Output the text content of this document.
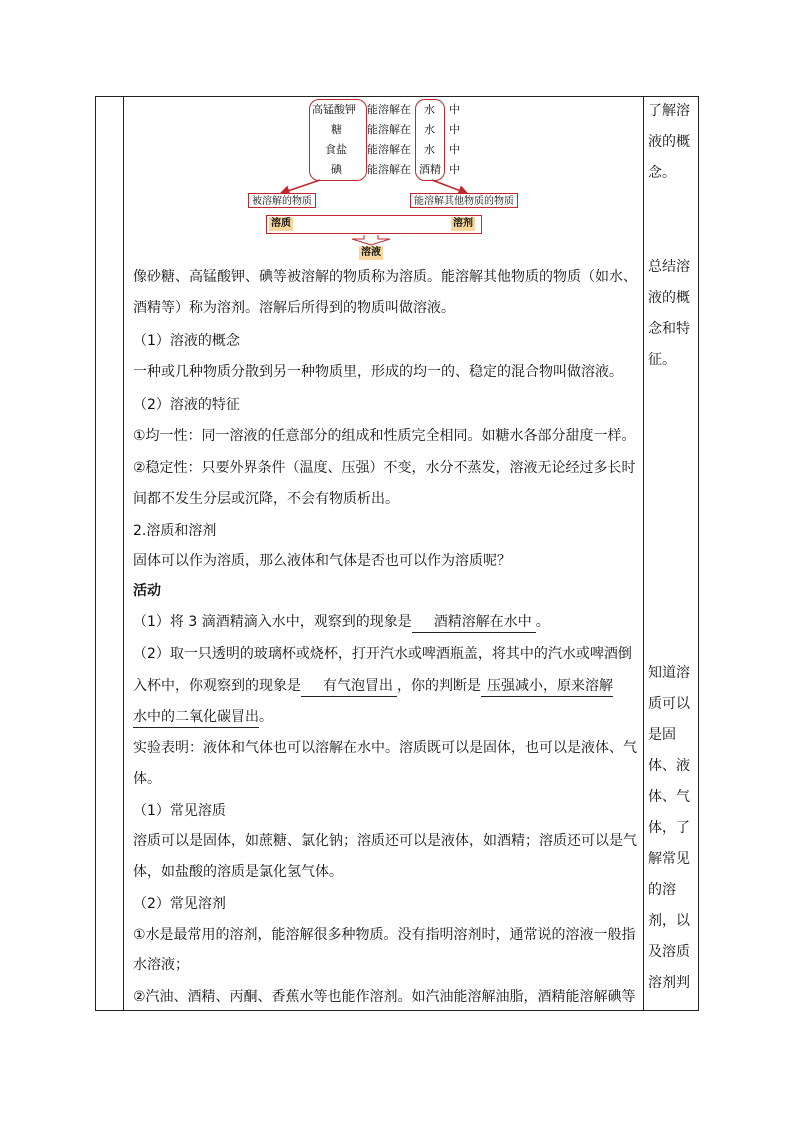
高锰酸钾 能溶解在 水 中
糖 能溶解在 水 中
食盐 能溶解在 水 中
碘 能溶解在 酒精 中
被溶解的物质	能溶解其他物质的物质
溶质	溶剂
溶液
像砂糖、高锰酸钾、碘等被溶解的物质称为溶质。能溶解其他物质的物质（如水、
酒精等）称为溶剂。溶解后所得到的物质叫做溶液。
（1）溶液的概念
一种或几种物质分散到另一种物质里，形成的均一的、稳定的混合物叫做溶液。
（2）溶液的特征
①均一性：同一溶液的任意部分的组成和性质完全相同。如糖水各部分甜度一样。
②稳定性：只要外界条件（温度、压强）不变，水分不蒸发，溶液无论经过多长时
间都不发生分层或沉降，不会有物质析出。
2.溶质和溶剂
固体可以作为溶质，那么液体和气体是否也可以作为溶质呢？
活动
（1）将 3 滴酒精滴入水中，观察到的现象是 酒精溶解在水中 。
（2）取一只透明的玻璃杯或烧杯，打开汽水或啤酒瓶盖，将其中的汽水或啤酒倒
入杯中，你观察到的现象是 有气泡冒出 ，你的判断是 压强减小，原来溶解
水中的二氧化碳冒出。
实验表明：液体和气体也可以溶解在水中。溶质既可以是固体，也可以是液体、气
体。
（1）常见溶质
溶质可以是固体，如蔗糖、氯化钠；溶质还可以是液体，如酒精；溶质还可以是气
体，如盐酸的溶质是氯化氢气体。
（2）常见溶剂
①水是最常用的溶剂，能溶解很多种物质。没有指明溶剂时，通常说的溶液一般指
水溶液；
②汽油、酒精、丙酮、香蕉水等也能作溶剂。如汽油能溶解油脂，酒精能溶解碘等
了解溶液的概念。
总结溶液的概念和特征。
知道溶质可以是固体、液体、气体，了解常见的溶剂，以及溶质溶剂判
